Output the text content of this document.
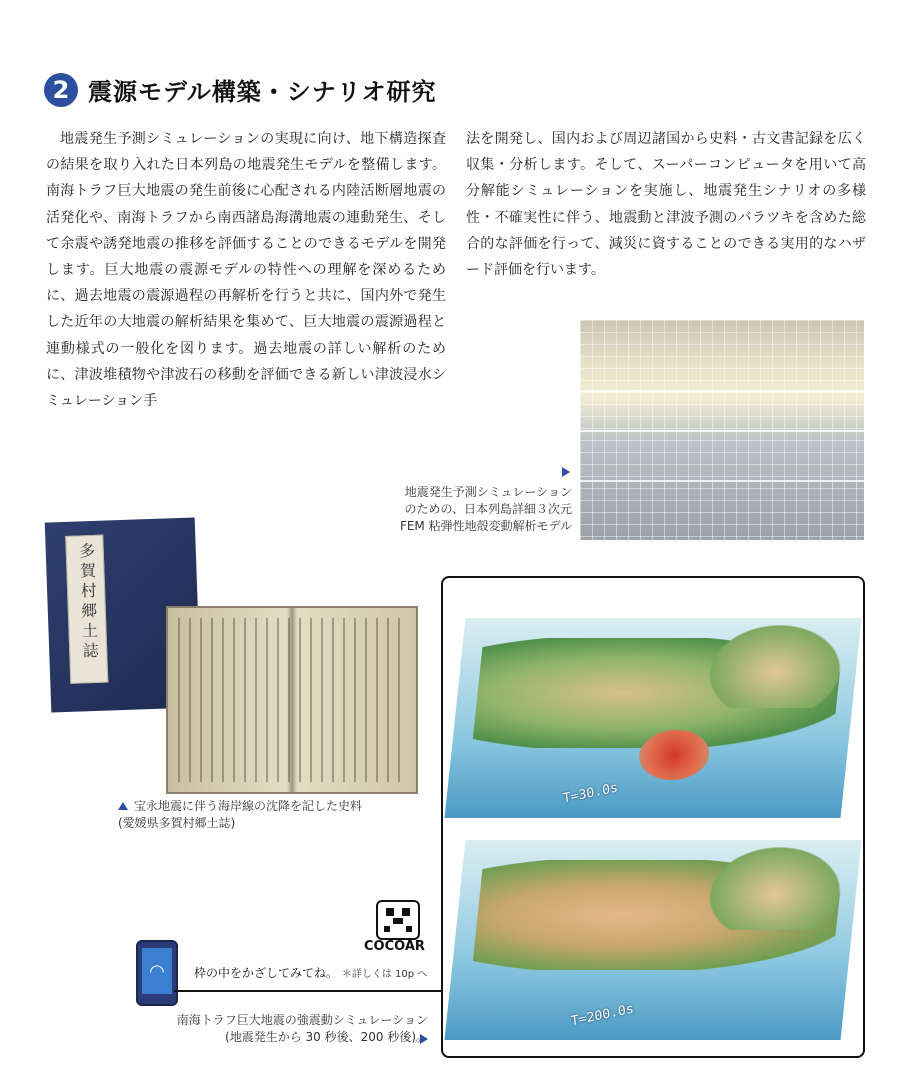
2 震源モデル構築・シナリオ研究
地震発生予測シミュレーションの実現に向け、地下構造探査の結果を取り入れた日本列島の地震発生モデルを整備します。南海トラフ巨大地震の発生前後に心配される内陸活断層地震の活発化や、南海トラフから南西諸島海溝地震の連動発生、そして余震や誘発地震の推移を評価することのできるモデルを開発します。巨大地震の震源モデルの特性への理解を深めるために、過去地震の震源過程の再解析を行うと共に、国内外で発生した近年の大地震の解析結果を集めて、巨大地震の震源過程と連動様式の一般化を図ります。過去地震の詳しい解析のために、津波堆積物や津波石の移動を評価できる新しい津波浸水シミュレーション手
法を開発し、国内および周辺諸国から史料・古文書記録を広く収集・分析します。そして、スーパーコンピュータを用いて高分解能シミュレーションを実施し、地震発生シナリオの多様性・不確実性に伴う、地震動と津波予測のバラツキを含めた総合的な評価を行って、減災に資することのできる実用的なハザード評価を行います。
地震発生予測シミュレーション
のための、日本列島詳細３次元
FEM 粘弾性地殻変動解析モデル
多賀村郷土誌
宝永地震に伴う海岸線の沈降を記した史料
(愛媛県多賀村郷土誌)
T=30.0s
T=200.0s
COCOAR
◠	枠の中をかざしてみてね。 ＊詳しくは 10p へ
南海トラフ巨大地震の強震動シミュレーション
(地震発生から 30 秒後、200 秒後)。
